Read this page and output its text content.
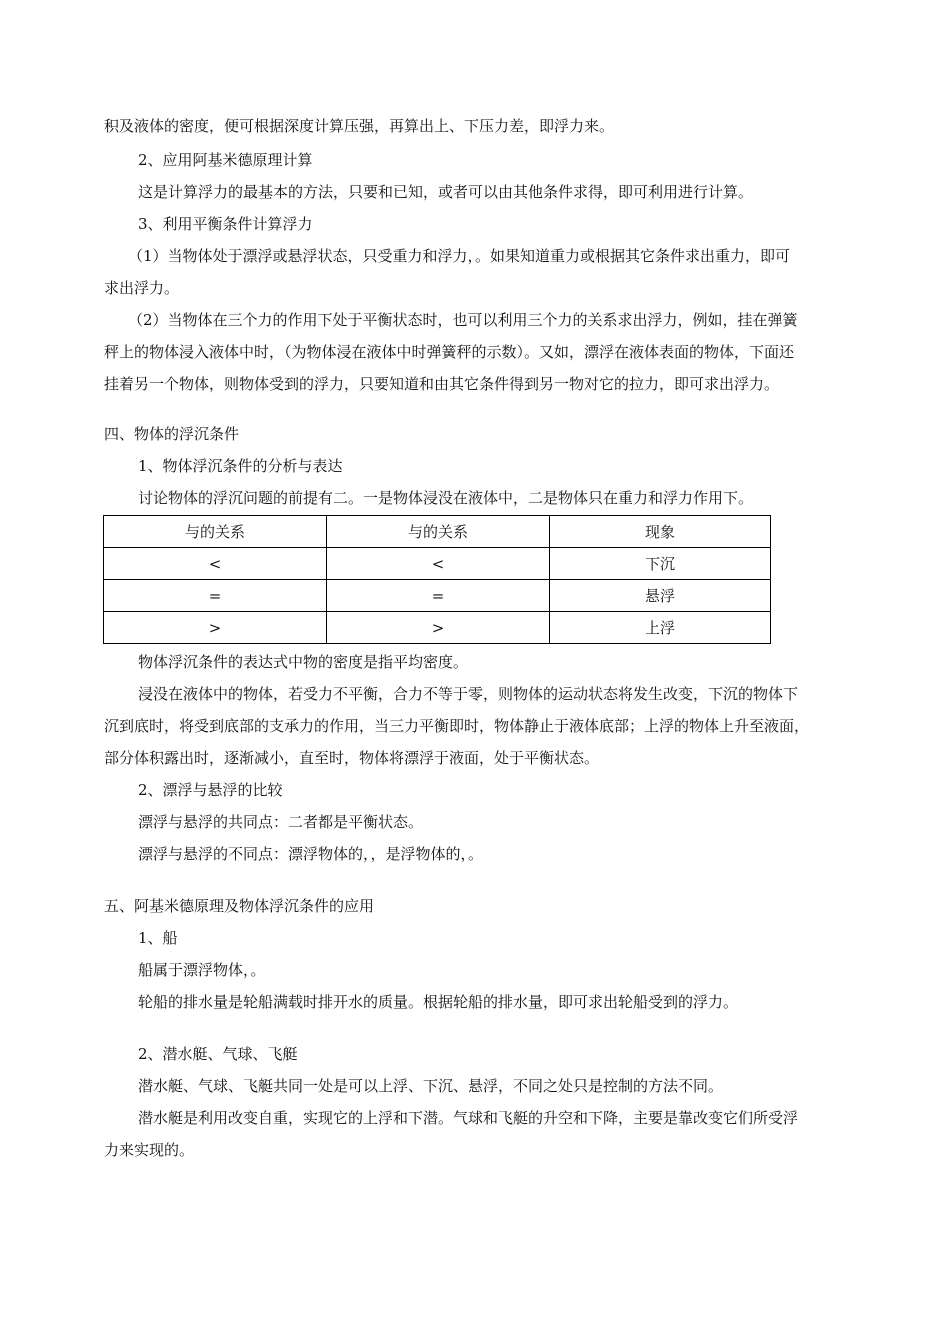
积及液体的密度，便可根据深度计算压强，再算出上、下压力差，即浮力来。
2、应用阿基米德原理计算
这是计算浮力的最基本的方法，只要和已知，或者可以由其他条件求得，即可利用进行计算。
3、利用平衡条件计算浮力
（1）当物体处于漂浮或悬浮状态，只受重力和浮力，。如果知道重力或根据其它条件求出重力，即可
求出浮力。
（2）当物体在三个力的作用下处于平衡状态时，也可以利用三个力的关系求出浮力，例如，挂在弹簧
秤上的物体浸入液体中时，（为物体浸在液体中时弹簧秤的示数）。又如，漂浮在液体表面的物体，下面还
挂着另一个物体，则物体受到的浮力，只要知道和由其它条件得到另一物对它的拉力，即可求出浮力。
四、物体的浮沉条件
1、物体浮沉条件的分析与表达
讨论物体的浮沉问题的前提有二。一是物体浸没在液体中，二是物体只在重力和浮力作用下。
与的关系	与的关系	现象
<	<	下沉
=	=	悬浮
>	>	上浮
物体浮沉条件的表达式中物的密度是指平均密度。
浸没在液体中的物体，若受力不平衡，合力不等于零，则物体的运动状态将发生改变，下沉的物体下
沉到底时，将受到底部的支承力的作用，当三力平衡即时，物体静止于液体底部；上浮的物体上升至液面，
部分体积露出时，逐渐减小，直至时，物体将漂浮于液面，处于平衡状态。
2、漂浮与悬浮的比较
漂浮与悬浮的共同点：二者都是平衡状态。
漂浮与悬浮的不同点：漂浮物体的，，是浮物体的，。
五、阿基米德原理及物体浮沉条件的应用
1、船
船属于漂浮物体，。
轮船的排水量是轮船满载时排开水的质量。根据轮船的排水量，即可求出轮船受到的浮力。
2、潜水艇、气球、飞艇
潜水艇、气球、飞艇共同一处是可以上浮、下沉、悬浮，不同之处只是控制的方法不同。
潜水艇是利用改变自重，实现它的上浮和下潜。气球和飞艇的升空和下降，主要是靠改变它们所受浮
力来实现的。
